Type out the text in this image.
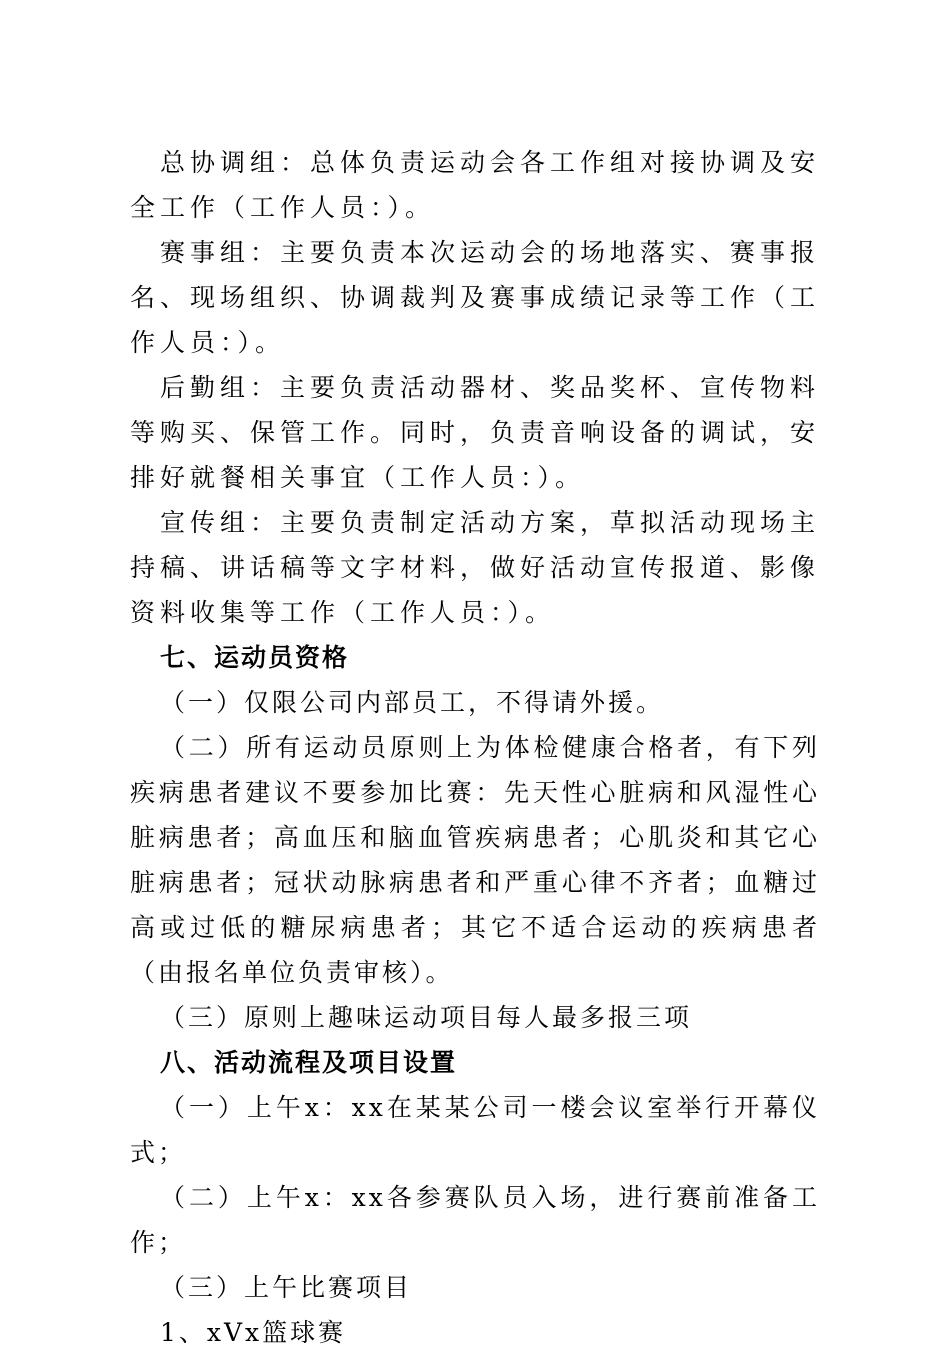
总协调组：总体负责运动会各工作组对接协调及安全工作（工作人员：）。

赛事组：主要负责本次运动会的场地落实、赛事报名、现场组织、协调裁判及赛事成绩记录等工作（工作人员：）。

后勤组：主要负责活动器材、奖品奖杯、宣传物料等购买、保管工作。同时，负责音响设备的调试，安排好就餐相关事宜（工作人员：）。

宣传组：主要负责制定活动方案，草拟活动现场主持稿、讲话稿等文字材料，做好活动宣传报道、影像资料收集等工作（工作人员：）。

七、运动员资格

（一）仅限公司内部员工，不得请外援。

（二）所有运动员原则上为体检健康合格者，有下列疾病患者建议不要参加比赛：先天性心脏病和风湿性心脏病患者；高血压和脑血管疾病患者；心肌炎和其它心脏病患者；冠状动脉病患者和严重心律不齐者；血糖过高或过低的糖尿病患者；其它不适合运动的疾病患者（由报名单位负责审核）。

（三）原则上趣味运动项目每人最多报三项

八、活动流程及项目设置

（一）上午x：xx在某某公司一楼会议室举行开幕仪式；

（二）上午x：xx各参赛队员入场，进行赛前准备工作；

（三）上午比赛项目

1、xVx篮球赛
